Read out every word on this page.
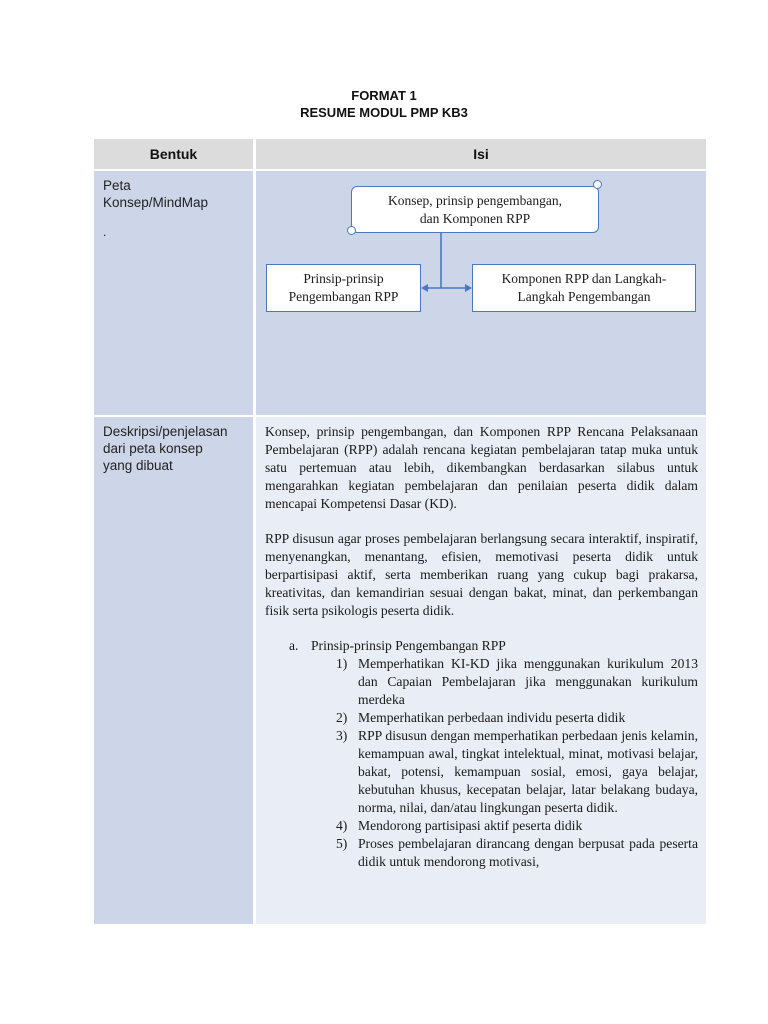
FORMAT 1
RESUME MODUL PMP KB3
Bentuk	Isi
Peta
Konsep/MindMap
.
Konsep, prinsip pengembangan,
dan Komponen RPP
Prinsip-prinsip
Pengembangan RPP
Komponen RPP dan Langkah-
Langkah Pengembangan
Deskripsi/penjelasan
dari peta konsep
yang dibuat
Konsep, prinsip pengembangan, dan Komponen RPP Rencana Pelaksanaan Pembelajaran (RPP) adalah rencana kegiatan pembelajaran tatap muka untuk satu pertemuan atau lebih, dikembangkan berdasarkan silabus untuk mengarahkan kegiatan pembelajaran dan penilaian peserta didik dalam mencapai Kompetensi Dasar (KD).
RPP disusun agar proses pembelajaran berlangsung secara interaktif, inspiratif, menyenangkan, menantang, efisien, memotivasi peserta didik untuk berpartisipasi aktif, serta memberikan ruang yang cukup bagi prakarsa, kreativitas, dan kemandirian sesuai dengan bakat, minat, dan perkembangan fisik serta psikologis peserta didik.
a. Prinsip-prinsip Pengembangan RPP
1) Memperhatikan KI-KD jika menggunakan kurikulum 2013 dan Capaian Pembelajaran jika menggunakan kurikulum merdeka
2) Memperhatikan perbedaan individu peserta didik
3) RPP disusun dengan memperhatikan perbedaan jenis kelamin, kemampuan awal, tingkat intelektual, minat, motivasi belajar, bakat, potensi, kemampuan sosial, emosi, gaya belajar, kebutuhan khusus, kecepatan belajar, latar belakang budaya, norma, nilai, dan/atau lingkungan peserta didik.
4) Mendorong partisipasi aktif peserta didik
5) Proses pembelajaran dirancang dengan berpusat pada peserta didik untuk mendorong motivasi,
